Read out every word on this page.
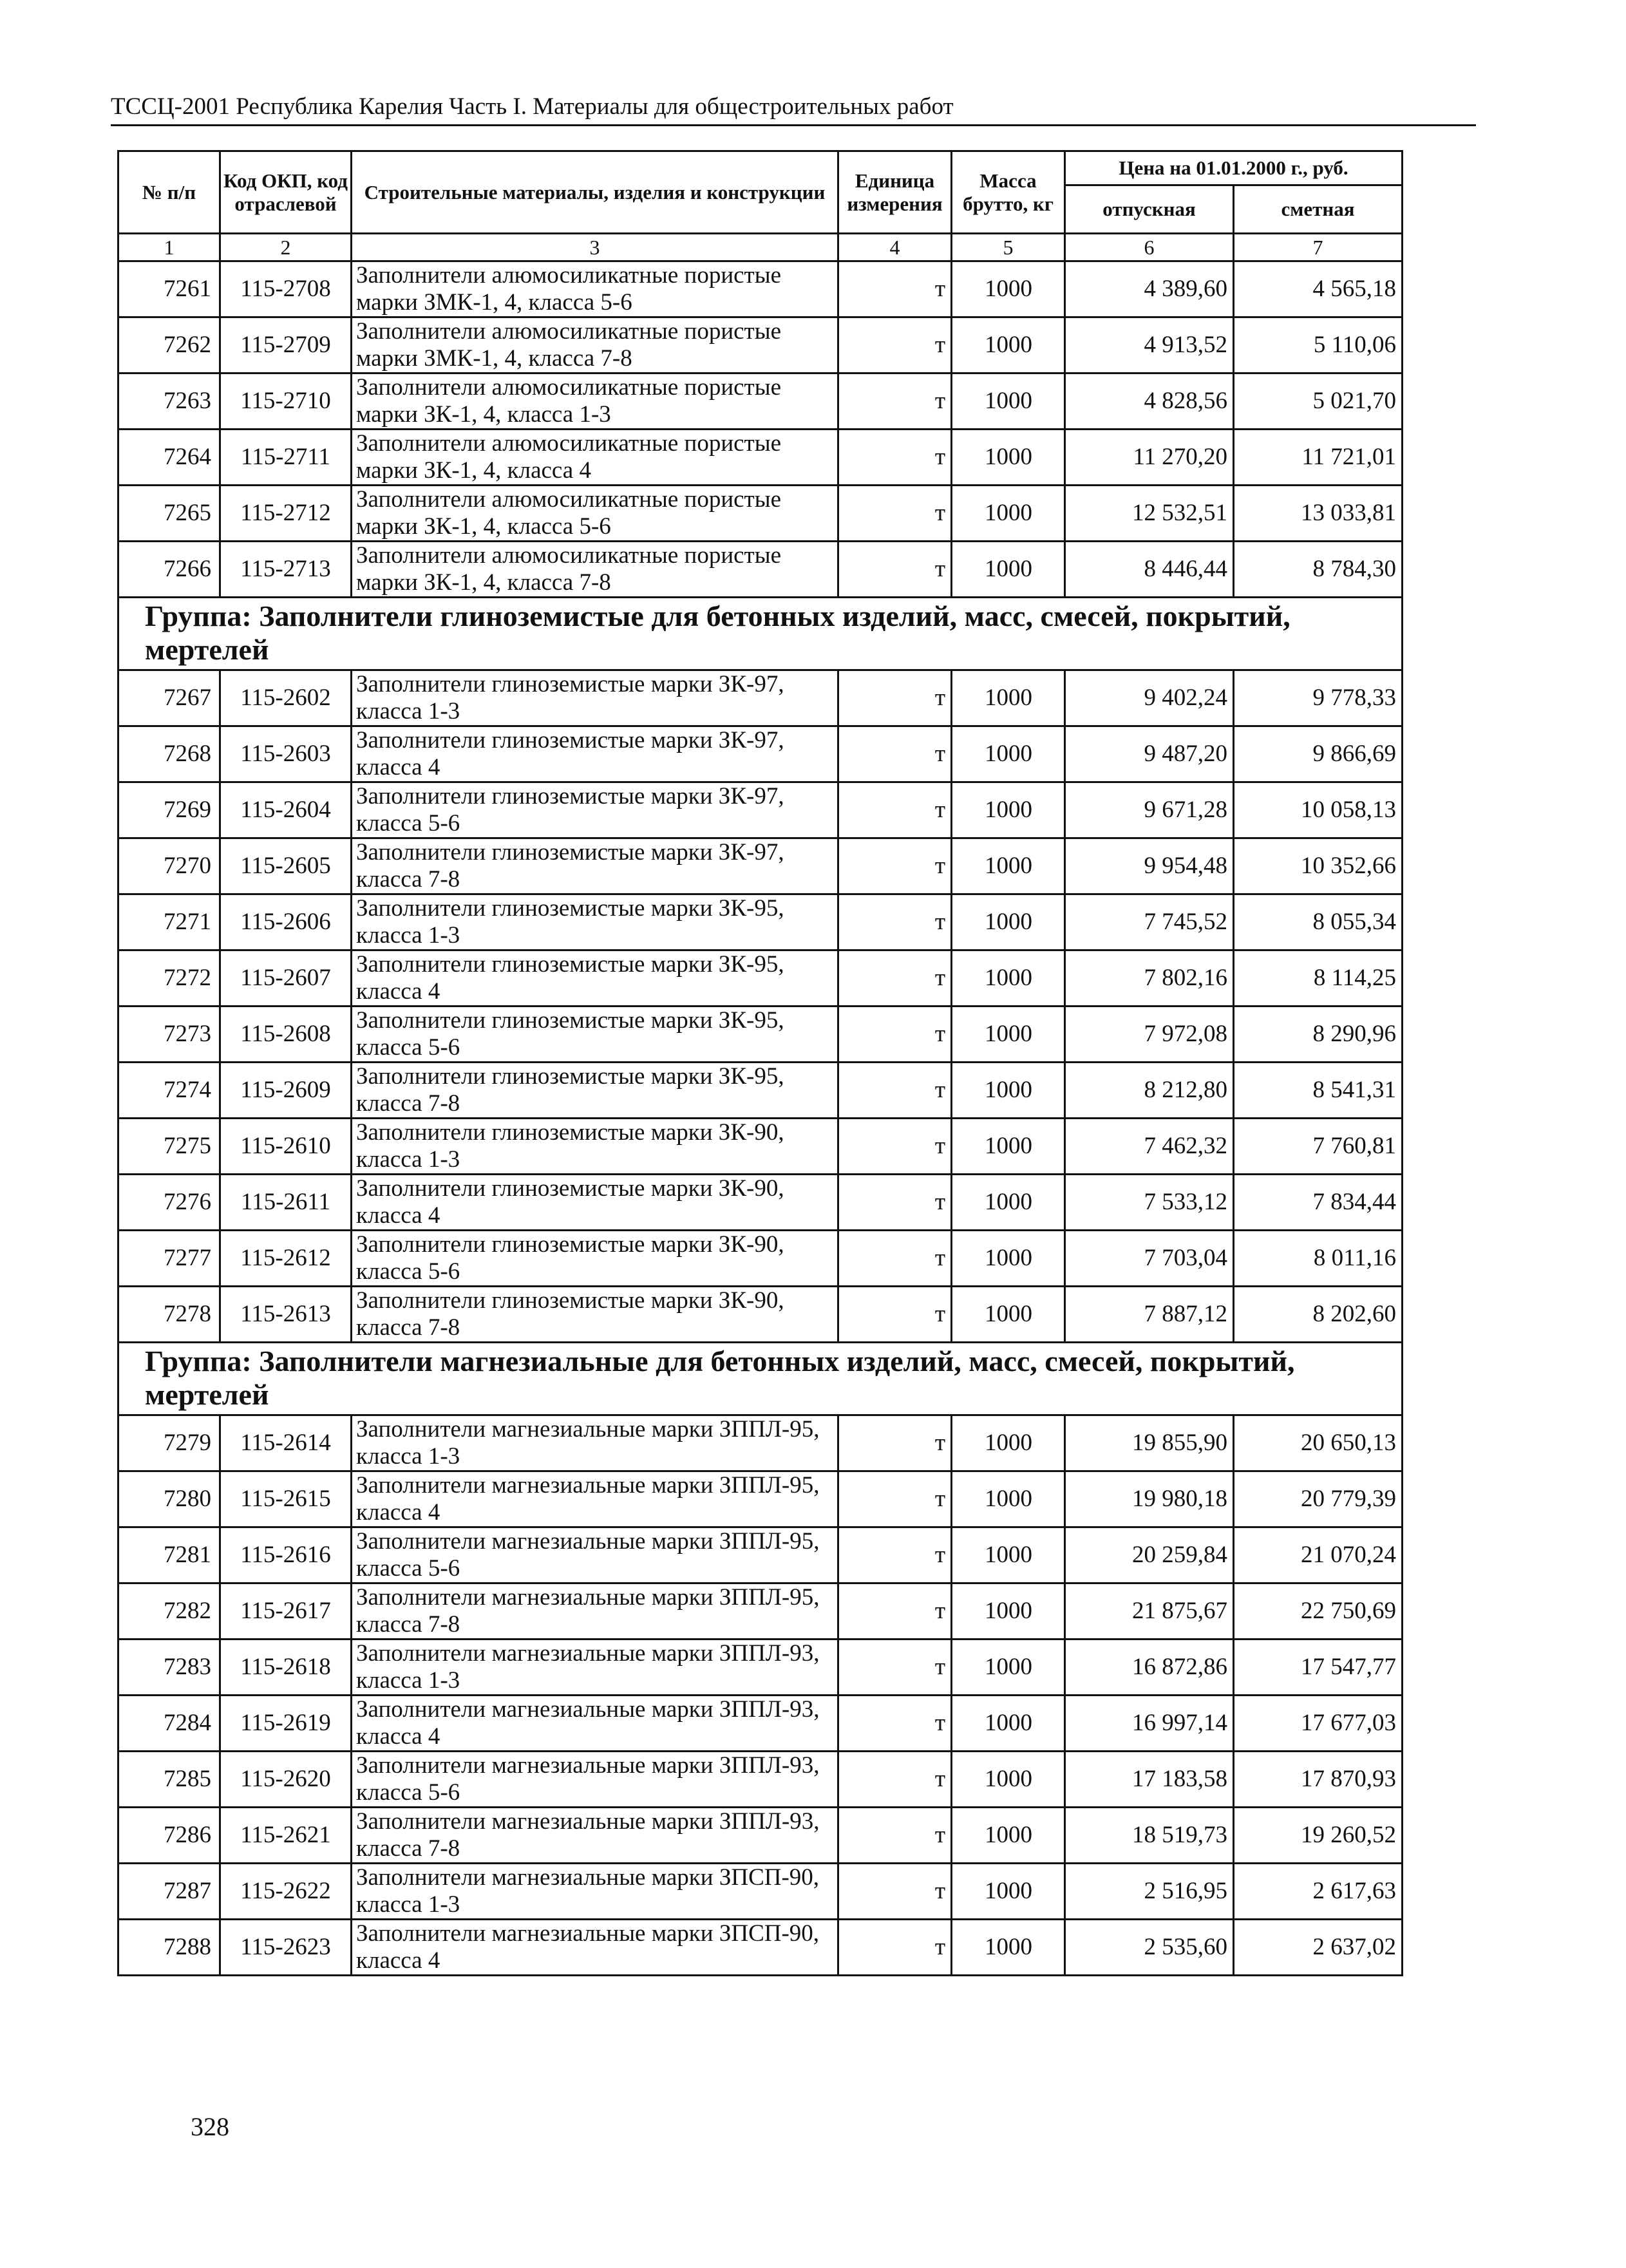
ТССЦ-2001 Республика Карелия Часть I. Материалы для общестроительных работ
№ п/п	Код ОКП, код отраслевой	Строительные материалы, изделия и конструкции	Единица измерения	Масса брутто, кг	Цена на 01.01.2000 г., руб.	
					отпускная	сметная
1	2	3	4	5	6	7
7261	115-2708	Заполнители алюмосиликатные пористые марки ЗМК-1, 4, класса 5-6	т	1000	4 389,60	4 565,18
7262	115-2709	Заполнители алюмосиликатные пористые марки ЗМК-1, 4, класса 7-8	т	1000	4 913,52	5 110,06
7263	115-2710	Заполнители алюмосиликатные пористые марки ЗК-1, 4, класса 1-3	т	1000	4 828,56	5 021,70
7264	115-2711	Заполнители алюмосиликатные пористые марки ЗК-1, 4, класса 4	т	1000	11 270,20	11 721,01
7265	115-2712	Заполнители алюмосиликатные пористые марки ЗК-1, 4, класса 5-6	т	1000	12 532,51	13 033,81
7266	115-2713	Заполнители алюмосиликатные пористые марки ЗК-1, 4, класса 7-8	т	1000	8 446,44	8 784,30
Группа: Заполнители глиноземистые для бетонных изделий, масс, смесей, покрытий, мертелей						
7267	115-2602	Заполнители глиноземистые марки ЗК-97, класса 1-3	т	1000	9 402,24	9 778,33
7268	115-2603	Заполнители глиноземистые марки ЗК-97, класса 4	т	1000	9 487,20	9 866,69
7269	115-2604	Заполнители глиноземистые марки ЗК-97, класса 5-6	т	1000	9 671,28	10 058,13
7270	115-2605	Заполнители глиноземистые марки ЗК-97, класса 7-8	т	1000	9 954,48	10 352,66
7271	115-2606	Заполнители глиноземистые марки ЗК-95, класса 1-3	т	1000	7 745,52	8 055,34
7272	115-2607	Заполнители глиноземистые марки ЗК-95, класса 4	т	1000	7 802,16	8 114,25
7273	115-2608	Заполнители глиноземистые марки ЗК-95, класса 5-6	т	1000	7 972,08	8 290,96
7274	115-2609	Заполнители глиноземистые марки ЗК-95, класса 7-8	т	1000	8 212,80	8 541,31
7275	115-2610	Заполнители глиноземистые марки ЗК-90, класса 1-3	т	1000	7 462,32	7 760,81
7276	115-2611	Заполнители глиноземистые марки ЗК-90, класса 4	т	1000	7 533,12	7 834,44
7277	115-2612	Заполнители глиноземистые марки ЗК-90, класса 5-6	т	1000	7 703,04	8 011,16
7278	115-2613	Заполнители глиноземистые марки ЗК-90, класса 7-8	т	1000	7 887,12	8 202,60
Группа: Заполнители магнезиальные для бетонных изделий, масс, смесей, покрытий, мертелей						
7279	115-2614	Заполнители магнезиальные марки ЗППЛ-95, класса 1-3	т	1000	19 855,90	20 650,13
7280	115-2615	Заполнители магнезиальные марки ЗППЛ-95, класса 4	т	1000	19 980,18	20 779,39
7281	115-2616	Заполнители магнезиальные марки ЗППЛ-95, класса 5-6	т	1000	20 259,84	21 070,24
7282	115-2617	Заполнители магнезиальные марки ЗППЛ-95, класса 7-8	т	1000	21 875,67	22 750,69
7283	115-2618	Заполнители магнезиальные марки ЗППЛ-93, класса 1-3	т	1000	16 872,86	17 547,77
7284	115-2619	Заполнители магнезиальные марки ЗППЛ-93, класса 4	т	1000	16 997,14	17 677,03
7285	115-2620	Заполнители магнезиальные марки ЗППЛ-93, класса 5-6	т	1000	17 183,58	17 870,93
7286	115-2621	Заполнители магнезиальные марки ЗППЛ-93, класса 7-8	т	1000	18 519,73	19 260,52
7287	115-2622	Заполнители магнезиальные марки ЗПСП-90, класса 1-3	т	1000	2 516,95	2 617,63
7288	115-2623	Заполнители магнезиальные марки ЗПСП-90, класса 4	т	1000	2 535,60	2 637,02
328
